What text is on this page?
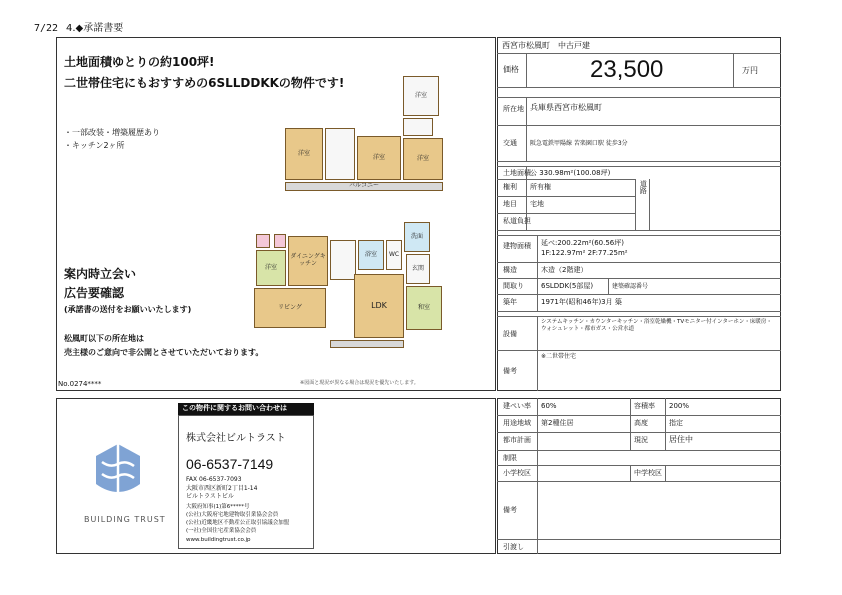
7/22 4.◆承諾書要
土地面積ゆとりの約100坪!
二世帯住宅にもおすすめの6SLLDDKKの物件です!
・一部改装・増築履歴あり
・キッチン2ヶ所
案内時立会い
広告要確認
(承諾書の送付をお願いいたします)
松風町以下の所在地は
売主様のご意向で非公開とさせていただいております。
No.0274****	※図面と現況が異なる場合は現況を優先いたします。
洋室
洋室
洋室	洋室
バルコニー
洋室
ダイニングキッチン
リビング
浴室
LDK
WC
洗面
玄関
和室
西宮市松風町　中古戸建
価格	23,500	万円
所在地 兵庫県西宮市松風町
交通 阪急電鉄甲陽線 苦楽園口駅 徒歩3分
土地面積 公 330.98m²(100.08坪)
権利 所有権
地目 宅地
私道負担
道路
建物面積 延べ:200.22m²(60.56坪)
1F:122.97m² 2F:77.25m²
構造	木造（2階建）
間取り 6SLDDK(5部屋)	建築確認番号
築年	1971年(昭和46年)3月 築
設備
システムキッチン・カウンターキッチン・浴室乾燥機・TVモニター付インターホン・床暖房・ウォシュレット・都市ガス・公営水道
備考
※二世帯住宅
BUILDING TRUST
この物件に関するお問い合わせは
株式会社ビルトラスト
06-6537-7149
FAX 06-6537-7093
大阪市西区新町2丁目1-14
ビルトラストビル
大阪府知事(1)第6*****号
(公社)大阪府宅地建物取引業協会会員
(公社)近畿地区不動産公正取引協議会加盟
(一社)全国住宅産業協会会員
www.buildingtrust.co.jp
建ぺい率 60%	容積率 200%
用途地域 第2種住居	高度	指定
都市計画	現況	居住中
制限
小学校区	中学校区
備考
引渡し
